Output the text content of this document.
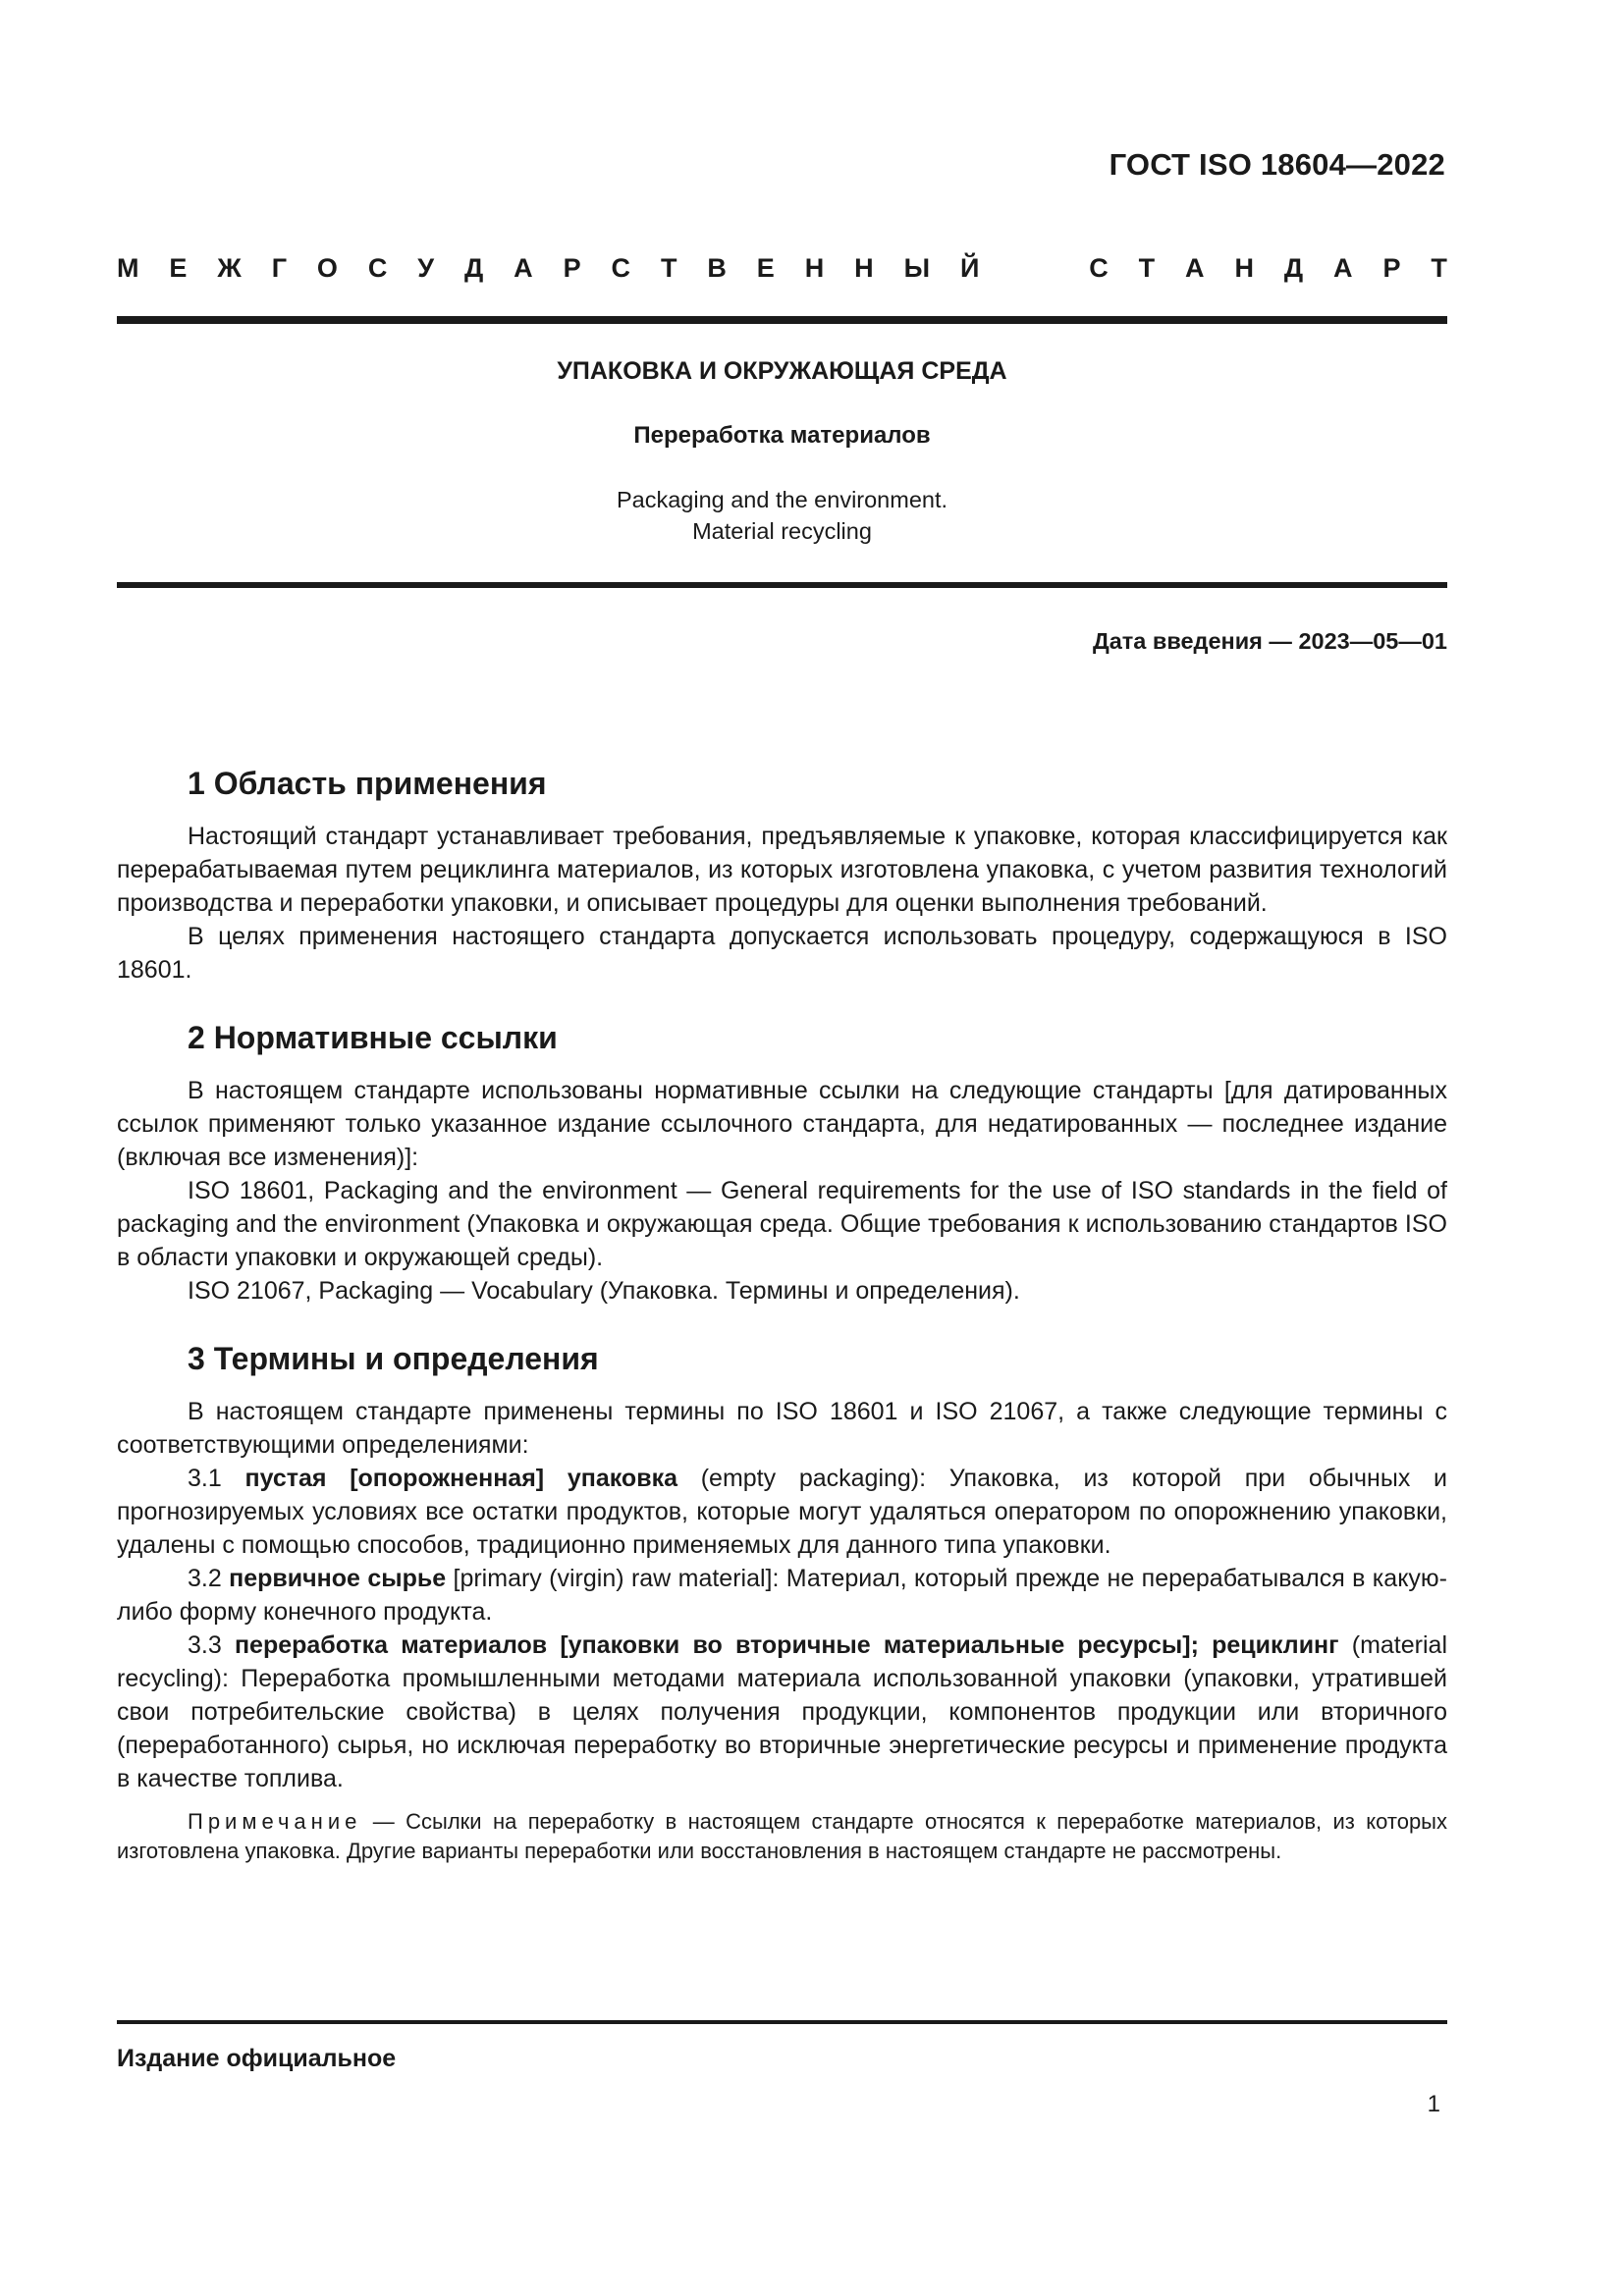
ГОСТ ISO 18604—2022
М Е Ж Г О С У Д А Р С Т В Е Н Н Ы Й	С Т А Н Д А Р Т
УПАКОВКА И ОКРУЖАЮЩАЯ СРЕДА
Переработка материалов
Packaging and the environment.
Material recycling
Дата введения — 2023—05—01
1 Область применения

Настоящий стандарт устанавливает требования, предъявляемые к упаковке, которая классифицируется как перерабатываемая путем рециклинга материалов, из которых изготовлена упаковка, с учетом развития технологий производства и переработки упаковки, и описывает процедуры для оценки выполнения требований.

В целях применения настоящего стандарта допускается использовать процедуру, содержащуюся в ISO 18601.

2 Нормативные ссылки

В настоящем стандарте использованы нормативные ссылки на следующие стандарты [для датированных ссылок применяют только указанное издание ссылочного стандарта, для недатированных — последнее издание (включая все изменения)]:

ISO 18601, Packaging and the environment — General requirements for the use of ISO standards in the field of packaging and the environment (Упаковка и окружающая среда. Общие требования к использованию стандартов ISO в области упаковки и окружающей среды).

ISO 21067, Packaging — Vocabulary (Упаковка. Термины и определения).

3 Термины и определения

В настоящем стандарте применены термины по ISO 18601 и ISO 21067, а также следующие термины с соответствующими определениями:

3.1 пустая [опорожненная] упаковка (empty packaging): Упаковка, из которой при обычных и прогнозируемых условиях все остатки продуктов, которые могут удаляться оператором по опорожнению упаковки, удалены с помощью способов, традиционно применяемых для данного типа упаковки.

3.2 первичное сырье [primary (virgin) raw material]: Материал, который прежде не перерабатывался в какую-либо форму конечного продукта.

3.3 переработка материалов [упаковки во вторичные материальные ресурсы]; рециклинг (material recycling): Переработка промышленными методами материала использованной упаковки (упаковки, утратившей свои потребительские свойства) в целях получения продукции, компонентов продукции или вторичного (переработанного) сырья, но исключая переработку во вторичные энергетические ресурсы и применение продукта в качестве топлива.

Примечание — Ссылки на переработку в настоящем стандарте относятся к переработке материалов, из которых изготовлена упаковка. Другие варианты переработки или восстановления в настоящем стандарте не рассмотрены.

Издание официальное
1
